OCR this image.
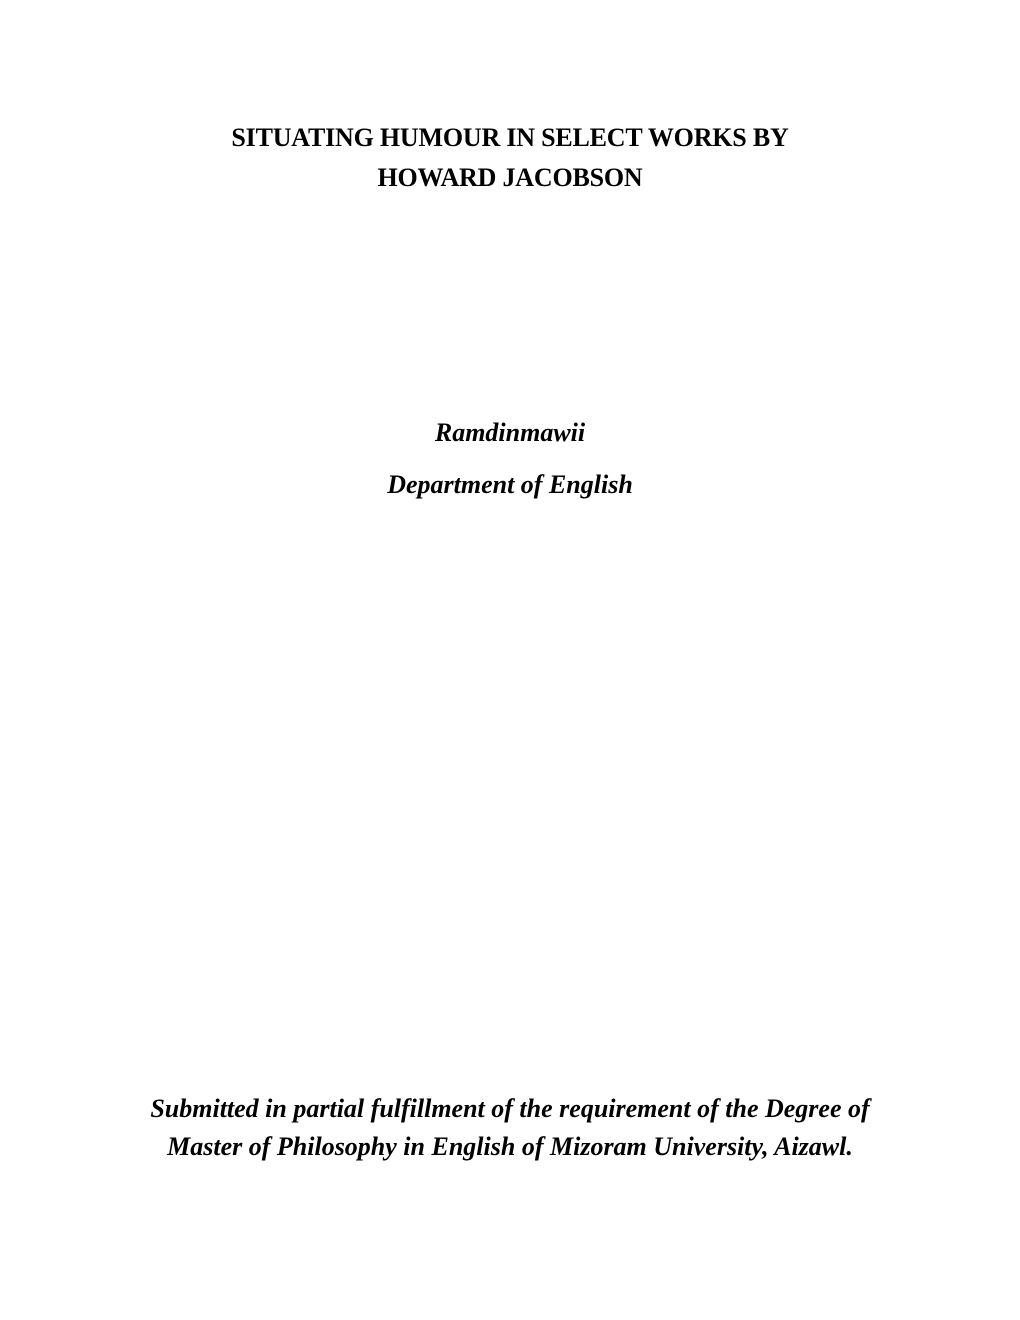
SITUATING HUMOUR IN SELECT WORKS BY
HOWARD JACOBSON
Ramdinmawii
Department of English
Submitted in partial fulfillment of the requirement of the Degree of
Master of Philosophy in English of Mizoram University, Aizawl.
